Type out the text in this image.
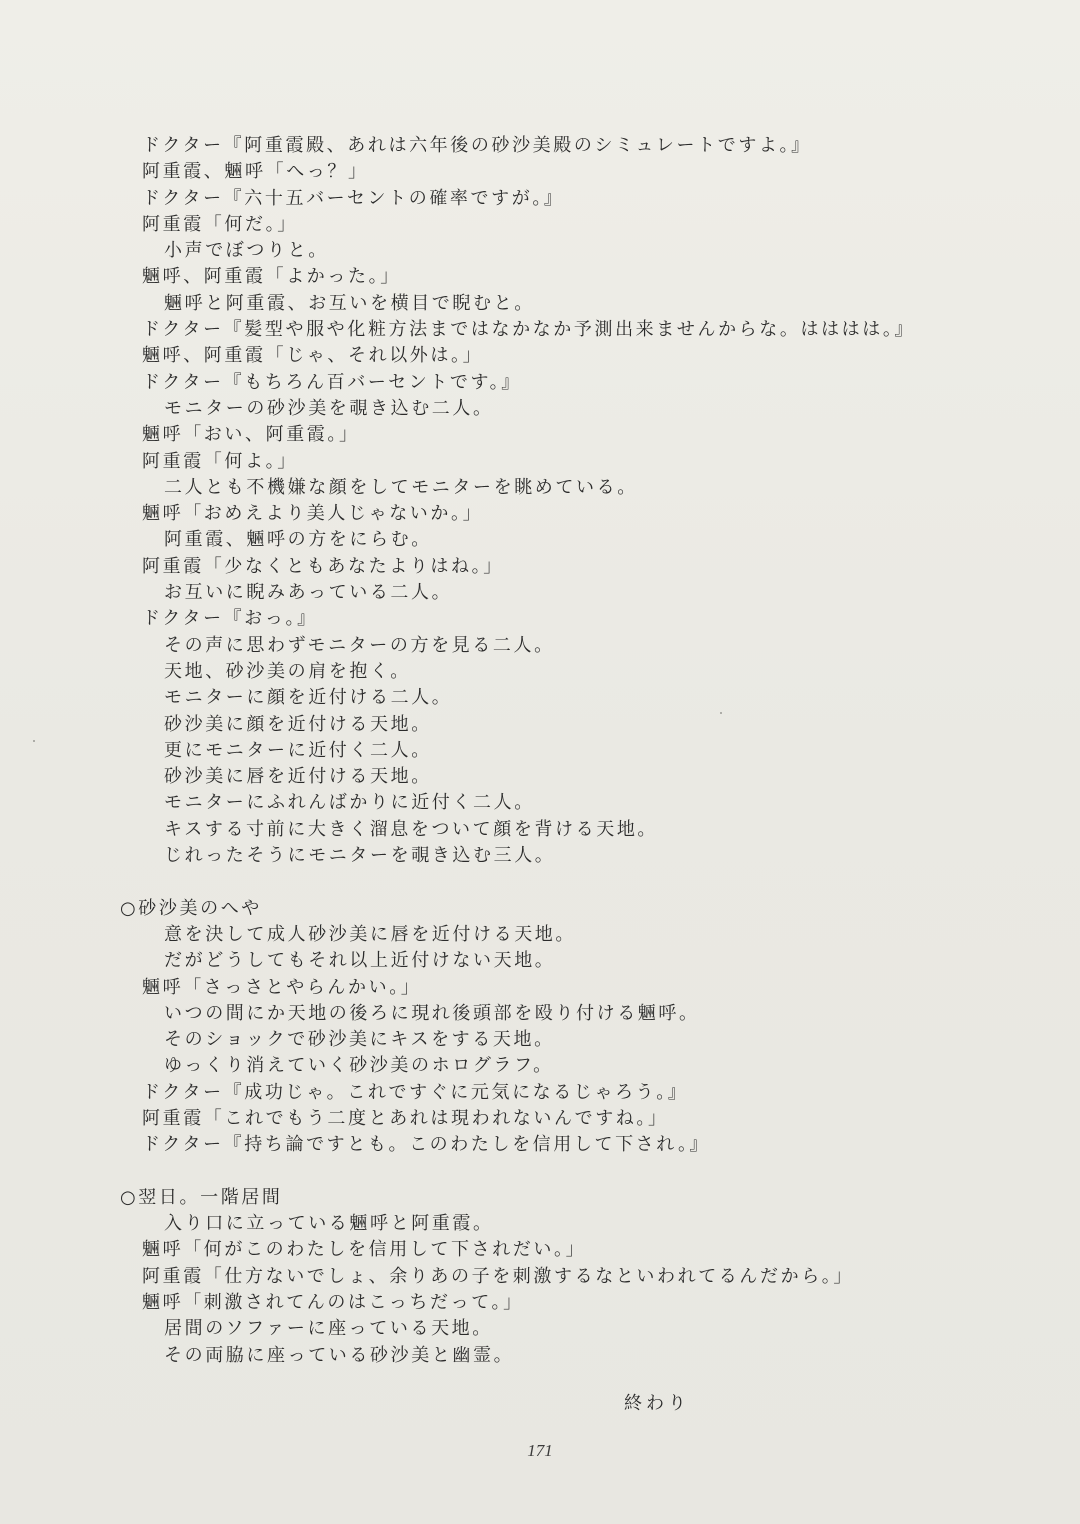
ドクター『阿重霞殿、あれは六年後の砂沙美殿のシミュレートですよ。』
阿重霞、魎呼「へっ？」
ドクター『六十五バーセントの確率ですが。』
阿重霞「何だ。」
小声でぼつりと。
魎呼、阿重霞「よかった。」
魎呼と阿重霞、お互いを横目で睨むと。
ドクター『髪型や服や化粧方法まではなかなか予測出来ませんからな。はははは。』
魎呼、阿重霞「じゃ、それ以外は。」
ドクター『もちろん百バーセントです。』
モニターの砂沙美を覗き込む二人。
魎呼「おい、阿重霞。」
阿重霞「何よ。」
二人とも不機嫌な顔をしてモニターを眺めている。
魎呼「おめえより美人じゃないか。」
阿重霞、魎呼の方をにらむ。
阿重霞「少なくともあなたよりはね。」
お互いに睨みあっている二人。
ドクター『おっ。』
その声に思わずモニターの方を見る二人。
天地、砂沙美の肩を抱く。
モニターに顔を近付ける二人。
砂沙美に顔を近付ける天地。
更にモニターに近付く二人。
砂沙美に唇を近付ける天地。
モニターにふれんばかりに近付く二人。
キスする寸前に大きく溜息をついて顔を背ける天地。
じれったそうにモニターを覗き込む三人。
○砂沙美のへや
意を決して成人砂沙美に唇を近付ける天地。
だがどうしてもそれ以上近付けない天地。
魎呼「さっさとやらんかい。」
いつの間にか天地の後ろに現れ後頭部を殴り付ける魎呼。
そのショックで砂沙美にキスをする天地。
ゆっくり消えていく砂沙美のホログラフ。
ドクター『成功じゃ。これですぐに元気になるじゃろう。』
阿重霞「これでもう二度とあれは現われないんですね。」
ドクター『持ち論ですとも。このわたしを信用して下され。』
○翌日。一階居間
入り口に立っている魎呼と阿重霞。
魎呼「何がこのわたしを信用して下されだい。」
阿重霞「仕方ないでしょ、余りあの子を刺激するなといわれてるんだから。」
魎呼「刺激されてんのはこっちだって。」
居間のソファーに座っている天地。
その両脇に座っている砂沙美と幽霊。
終わり
171
